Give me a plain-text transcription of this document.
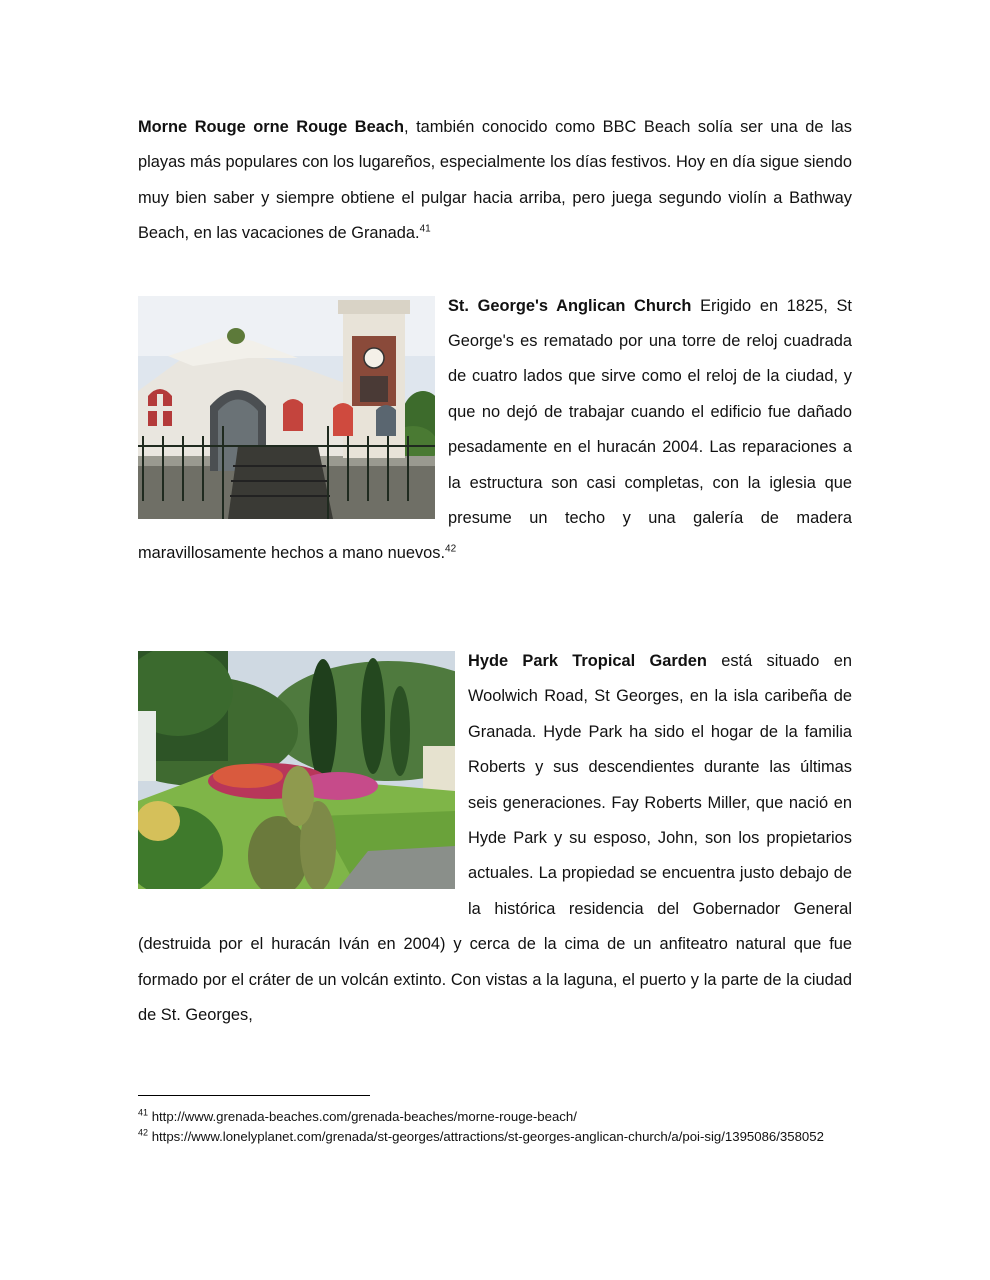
Morne Rouge orne Rouge Beach, también conocido como BBC Beach solía ser una de las playas más populares con los lugareños, especialmente los días festivos. Hoy en día sigue siendo muy bien saber y siempre obtiene el pulgar hacia arriba, pero juega segundo violín a Bathway Beach, en las vacaciones de Granada.$^{41}$

St. George's Anglican Church Erigido en 1825, St George's es rematado por una torre de reloj cuadrada de cuatro lados que sirve como el reloj de la ciudad, y que no dejó de trabajar cuando el edificio fue dañado pesadamente en el huracán 2004. Las reparaciones a la estructura son casi completas, con la iglesia que presume un techo y una galería de madera maravillosamente hechos a mano nuevos.$^{42}$

Hyde Park Tropical Garden está situado en Woolwich Road, St Georges, en la isla caribeña de Granada. Hyde Park ha sido el hogar de la familia Roberts y sus descendientes durante las últimas seis generaciones. Fay Roberts Miller, que nació en Hyde Park y su esposo, John, son los propietarios actuales. La propiedad se encuentra justo debajo de la histórica residencia del Gobernador General (destruida por el huracán Iván en 2004) y cerca de la cima de un anfiteatro natural que fue formado por el cráter de un volcán extinto. Con vistas a la laguna, el puerto y la parte de la ciudad de St. Georges,

$^{41}$ http://www.grenada-beaches.com/grenada-beaches/morne-rouge-beach/

$^{42}$ https://www.lonelyplanet.com/grenada/st-georges/attractions/st-georges-anglican-church/a/poi-sig/1395086/358052
